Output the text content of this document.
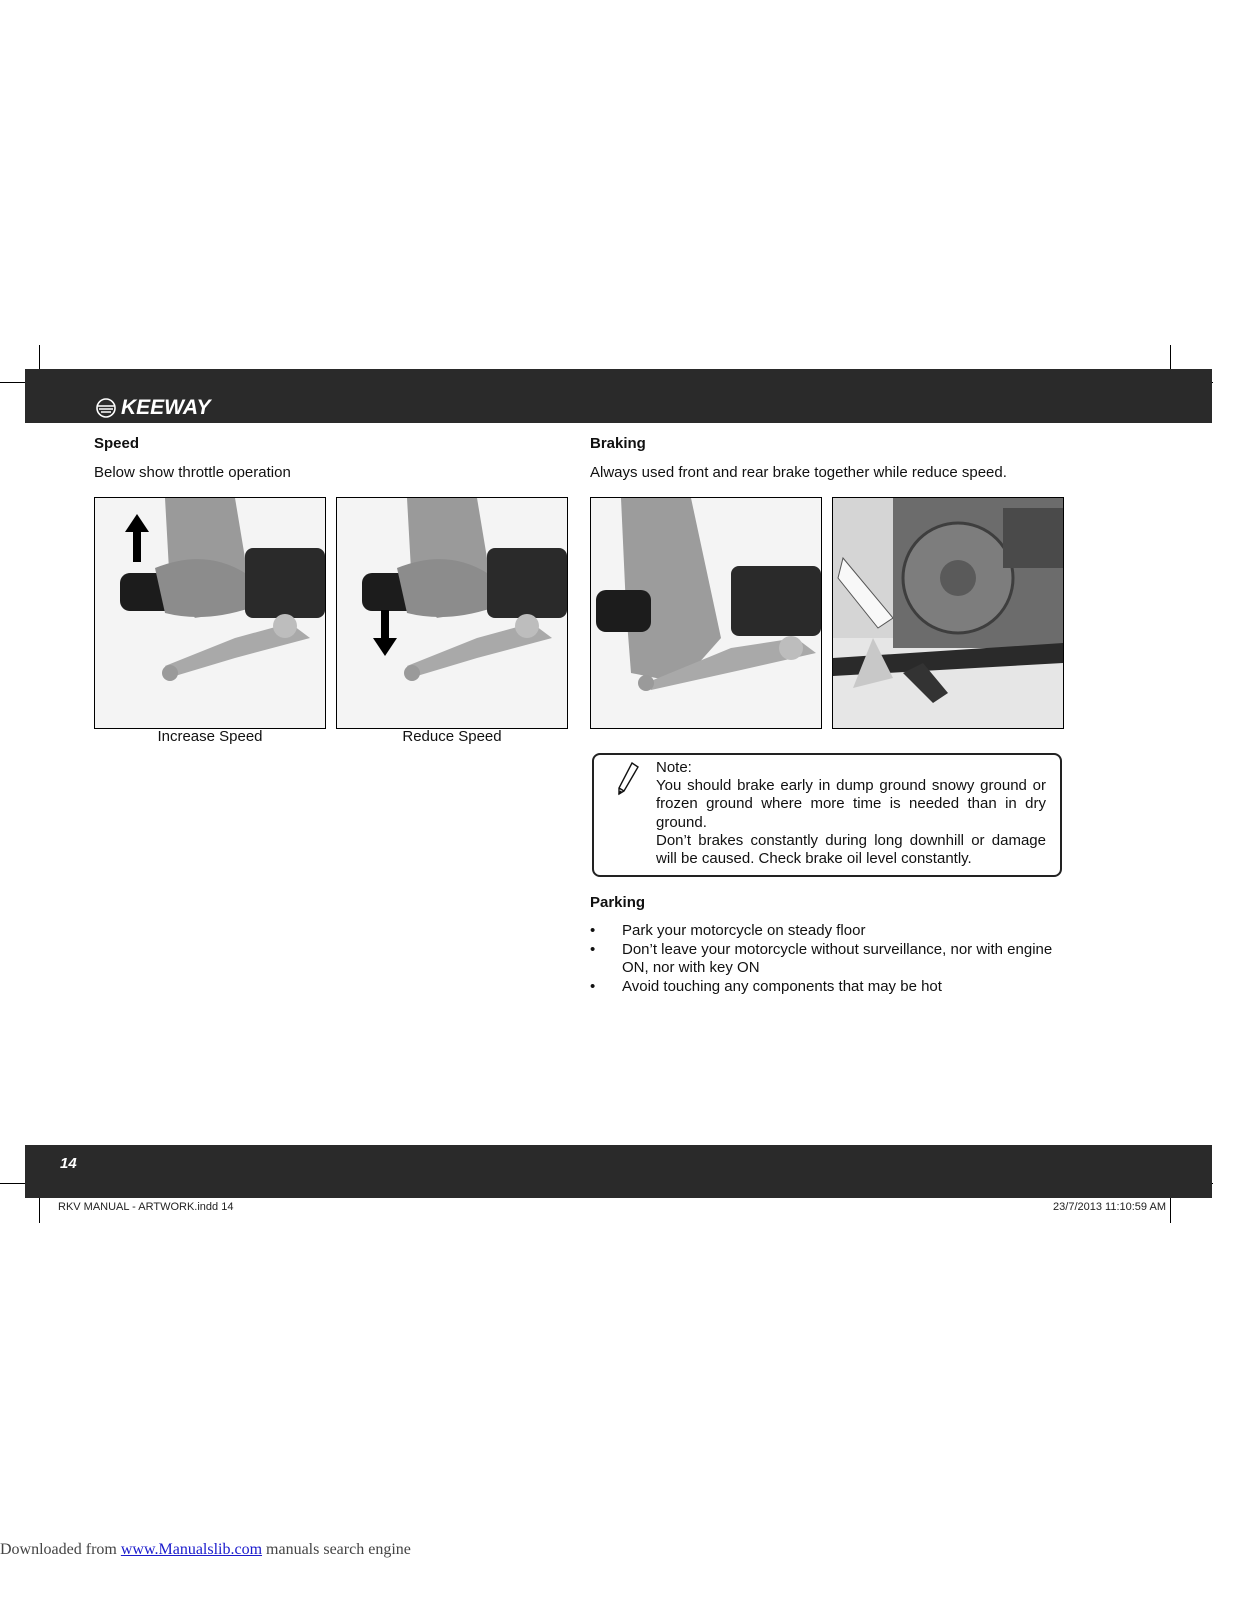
KEEWAY
Speed
Below show throttle operation
Increase Speed	Reduce Speed
Braking
Always used front and rear brake together while reduce speed.
Note:
You should brake early in dump ground snowy ground or frozen ground where more time is needed than in dry ground.
Don’t brakes constantly during long downhill or damage will be caused. Check brake oil level constantly.
Parking
•	Park your motorcycle on steady floor
•	Don’t leave your motorcycle without surveillance, nor with engine ON, nor with key ON
•	Avoid touching any components that may be hot
14
RKV MANUAL - ARTWORK.indd 14	23/7/2013 11:10:59 AM
Downloaded from www.Manualslib.com manuals search engine
